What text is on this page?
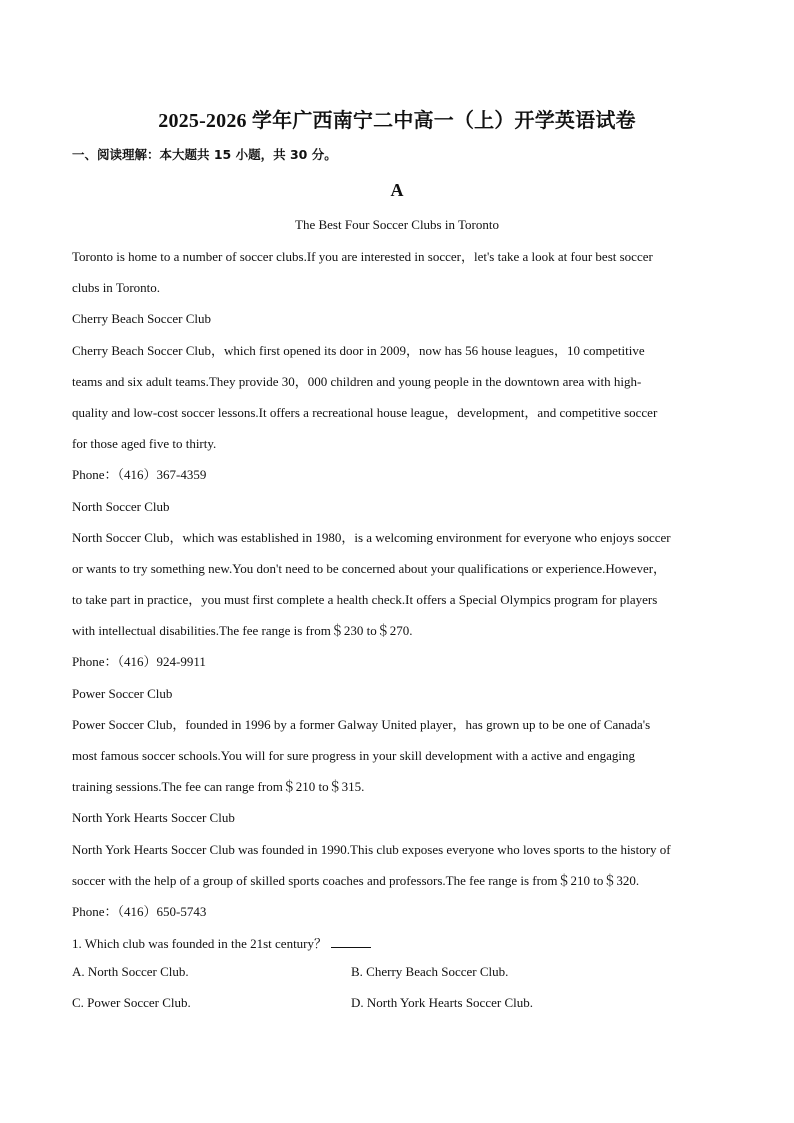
2025-2026 学年广西南宁二中高一（上）开学英语试卷
一、阅读理解：本大题共 15 小题，共 30 分。
A
The Best Four Soccer Clubs in Toronto
Toronto is home to a number of soccer clubs.If you are interested in soccer，let's take a look at four best soccer
clubs in Toronto.
Cherry Beach Soccer Club
Cherry Beach Soccer Club，which first opened its door in 2009，now has 56 house leagues，10 competitive
teams and six adult teams.They provide 30，000 children and young people in the downtown area with high-
quality and low-cost soccer lessons.It offers a recreational house league，development，and competitive soccer
for those aged five to thirty.
Phone：（416）367-4359
North Soccer Club
North Soccer Club，which was established in 1980，is a welcoming environment for everyone who enjoys soccer
or wants to try something new.You don't need to be concerned about your qualifications or experience.However，
to take part in practice，you must first complete a health check.It offers a Special Olympics program for players
with intellectual disabilities.The fee range is from＄230 to＄270.
Phone：（416）924-9911
Power Soccer Club
Power Soccer Club，founded in 1996 by a former Galway United player，has grown up to be one of Canada's
most famous soccer schools.You will for sure progress in your skill development with a active and engaging
training sessions.The fee can range from＄210 to＄315.
North York Hearts Soccer Club
North York Hearts Soccer Club was founded in 1990.This club exposes everyone who loves sports to the history of
soccer with the help of a group of skilled sports coaches and professors.The fee range is from＄210 to＄320.
Phone：（416）650-5743
1. Which club was founded in the 21st century？
A. North Soccer Club.	B. Cherry Beach Soccer Club.
C. Power Soccer Club.	D. North York Hearts Soccer Club.
